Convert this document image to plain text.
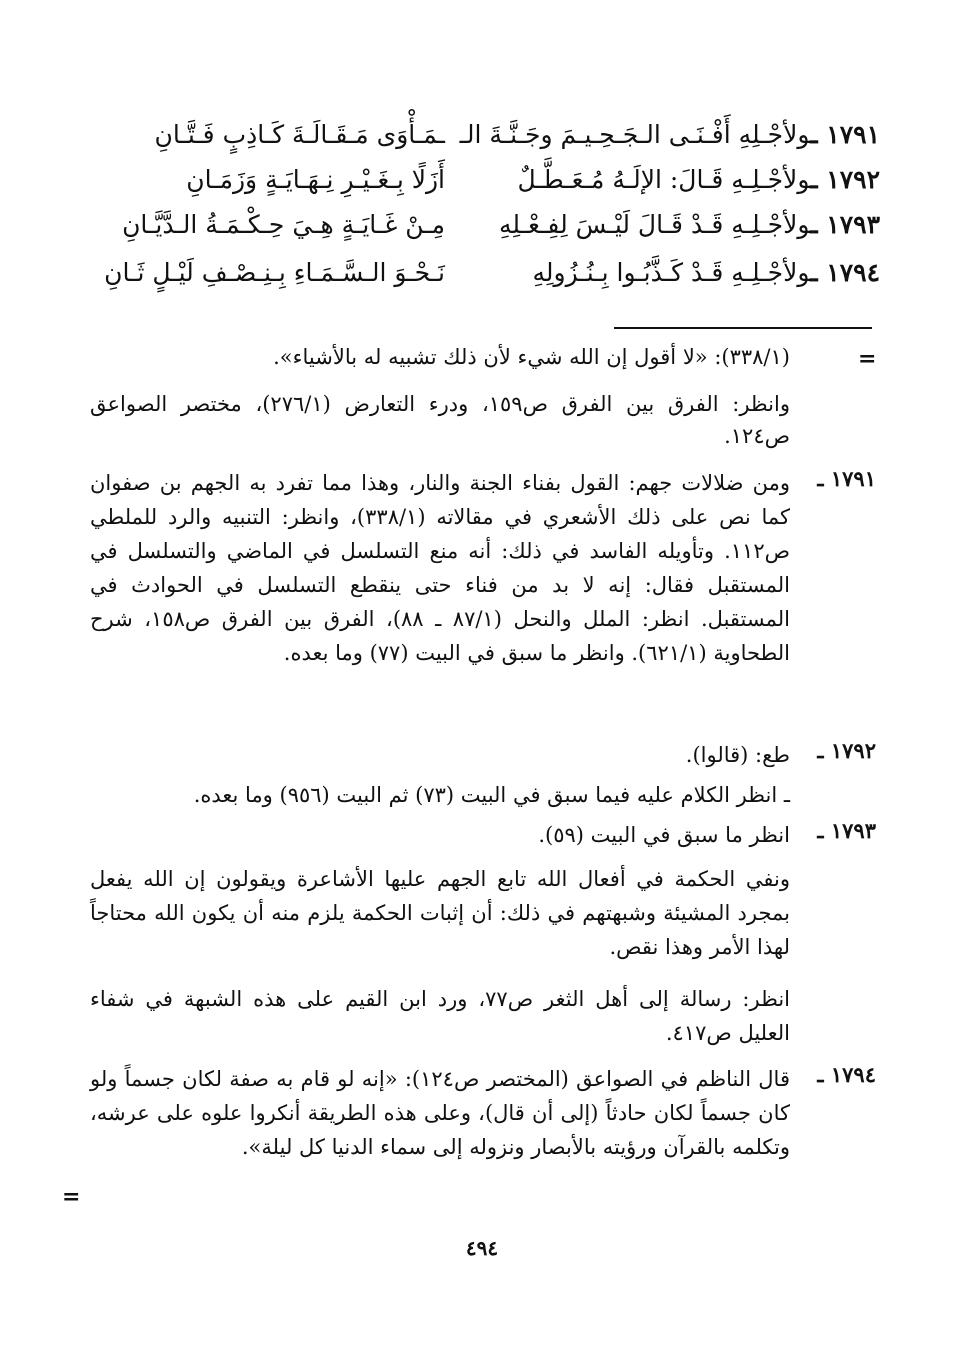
١٧٩١ ـولأجْـلِهِ أَفْـنَـى الـجَـحِـيـمَ وجَـنَّـةَ الـ
ـمَـأْوَى مَـقَـالَـةَ كَـاذِبٍ فَـتَّـانِ
١٧٩٢ ـولأجْـلِـهِ قَـالَ: الإلَـهُ مُـعَـطَّـلٌ
أَزَلًا بِـغَـيْـرِ نِـهَـايَـةٍ وَزَمَـانِ
١٧٩٣ ـولأجْـلِـهِ قَـدْ قَـالَ لَيْـسَ لِفِـعْـلِهِ
مِـنْ غَـايَـةٍ هِـيَ حِـكْـمَـةُ الـدَّيَّـانِ
١٧٩٤ ـولأجْـلِـهِ قَـدْ كَـذَّبُـوا بِـنُـزُولِهِ
نَـحْـوَ الـسَّـمَـاءِ بِـنِـصْـفِ لَيْـلٍ ثَـانِ
=
(٣٣٨/١): «لا أقول إن الله شيء لأن ذلك تشبيه له بالأشياء».
وانظر: الفرق بين الفرق ص١٥٩، ودرء التعارض (٢٧٦/١)، مختصر الصواعق ص١٢٤.
١٧٩١ ـ
ومن ضلالات جهم: القول بفناء الجنة والنار، وهذا مما تفرد به الجهم بن صفوان كما نص على ذلك الأشعري في مقالاته (٣٣٨/١)، وانظر: التنبيه والرد للملطي ص١١٢. وتأويله الفاسد في ذلك: أنه منع التسلسل في الماضي والتسلسل في المستقبل فقال: إنه لا بد من فناء حتى ينقطع التسلسل في الحوادث في المستقبل. انظر: الملل والنحل (٨٧/١ ـ ٨٨)، الفرق بين الفرق ص١٥٨، شرح الطحاوية (٦٢١/١). وانظر ما سبق في البيت (٧٧) وما بعده.
١٧٩٢ ـ
طع: (قالوا).
ـ انظر الكلام عليه فيما سبق في البيت (٧٣) ثم البيت (٩٥٦) وما بعده.
١٧٩٣ ـ
انظر ما سبق في البيت (٥٩).
ونفي الحكمة في أفعال الله تابع الجهم عليها الأشاعرة ويقولون إن الله يفعل بمجرد المشيئة وشبهتهم في ذلك: أن إثبات الحكمة يلزم منه أن يكون الله محتاجاً لهذا الأمر وهذا نقص.
انظر: رسالة إلى أهل الثغر ص٧٧، ورد ابن القيم على هذه الشبهة في شفاء العليل ص٤١٧.
١٧٩٤ ـ
قال الناظم في الصواعق (المختصر ص١٢٤): «إنه لو قام به صفة لكان جسماً ولو كان جسماً لكان حادثاً (إلى أن قال)، وعلى هذه الطريقة أنكروا علوه على عرشه، وتكلمه بالقرآن ورؤيته بالأبصار ونزوله إلى سماء الدنيا كل ليلة».
=
٤٩٤
